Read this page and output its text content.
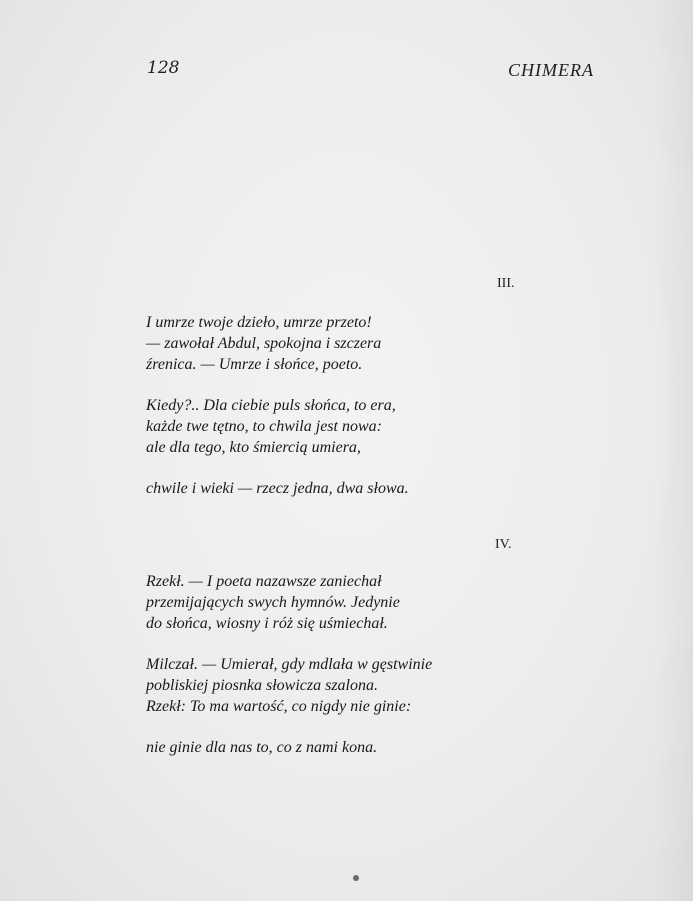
128	CHIMERA
III.
I umrze twoje dzieło, umrze przeto!
— zawołał Abdul, spokojna i szczera
źrenica. — Umrze i słońce, poeto.
Kiedy?.. Dla ciebie puls słońca, to era,
każde twe tętno, to chwila jest nowa:
ale dla tego, kto śmiercią umiera,
chwile i wieki — rzecz jedna, dwa słowa.
IV.
Rzekł. — I poeta nazawsze zaniechał
przemijających swych hymnów. Jedynie
do słońca, wiosny i róż się uśmiechał.
Milczał. — Umierał, gdy mdlała w gęstwinie
pobliskiej piosnka słowicza szalona.
Rzekł: To ma wartość, co nigdy nie ginie:
nie ginie dla nas to, co z nami kona.
